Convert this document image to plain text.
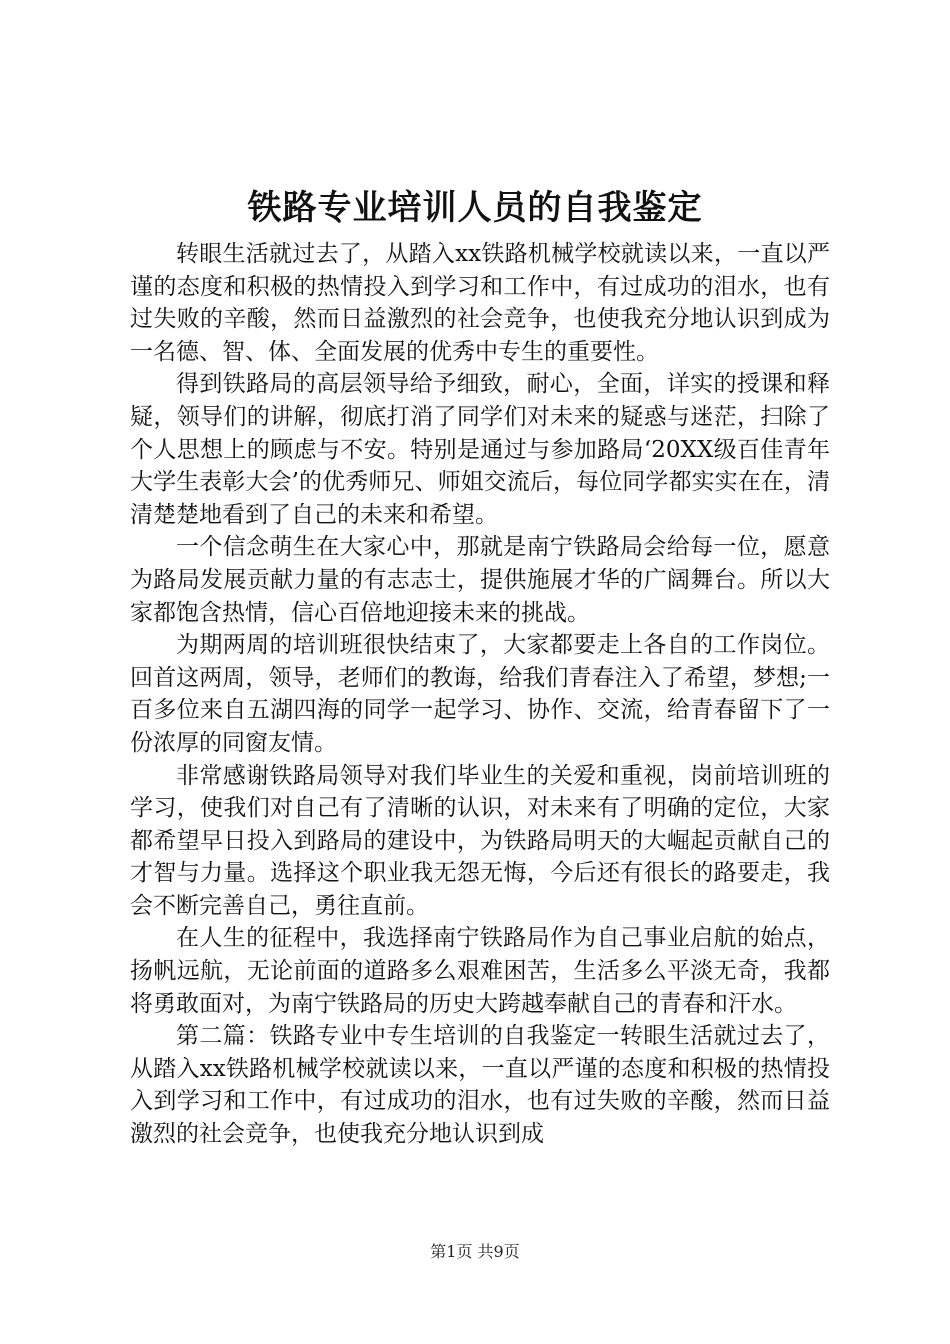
铁路专业培训人员的自我鉴定

转眼生活就过去了，从踏入xx铁路机械学校就读以来，一直以严谨的态度和积极的热情投入到学习和工作中，有过成功的泪水，也有过失败的辛酸，然而日益激烈的社会竞争，也使我充分地认识到成为一名德、智、体、全面发展的优秀中专生的重要性。

得到铁路局的高层领导给予细致，耐心，全面，详实的授课和释疑，领导们的讲解，彻底打消了同学们对未来的疑惑与迷茫，扫除了个人思想上的顾虑与不安。特别是通过与参加路局‘20XX级百佳青年大学生表彰大会’的优秀师兄、师姐交流后，每位同学都实实在在，清清楚楚地看到了自己的未来和希望。

一个信念萌生在大家心中，那就是南宁铁路局会给每一位，愿意为路局发展贡献力量的有志志士，提供施展才华的广阔舞台。所以大家都饱含热情，信心百倍地迎接未来的挑战。

为期两周的培训班很快结束了，大家都要走上各自的工作岗位。回首这两周，领导，老师们的教诲，给我们青春注入了希望，梦想;一百多位来自五湖四海的同学一起学习、协作、交流，给青春留下了一份浓厚的同窗友情。

非常感谢铁路局领导对我们毕业生的关爱和重视，岗前培训班的学习，使我们对自己有了清晰的认识，对未来有了明确的定位，大家都希望早日投入到路局的建设中，为铁路局明天的大崛起贡献自己的才智与力量。选择这个职业我无怨无悔，今后还有很长的路要走，我会不断完善自己，勇往直前。

在人生的征程中，我选择南宁铁路局作为自己事业启航的始点，扬帆远航，无论前面的道路多么艰难困苦，生活多么平淡无奇，我都将勇敢面对，为南宁铁路局的历史大跨越奉献自己的青春和汗水。

第二篇：铁路专业中专生培训的自我鉴定一转眼生活就过去了，从踏入xx铁路机械学校就读以来，一直以严谨的态度和积极的热情投入到学习和工作中，有过成功的泪水，也有过失败的辛酸，然而日益激烈的社会竞争，也使我充分地认识到成

第1页 共9页
